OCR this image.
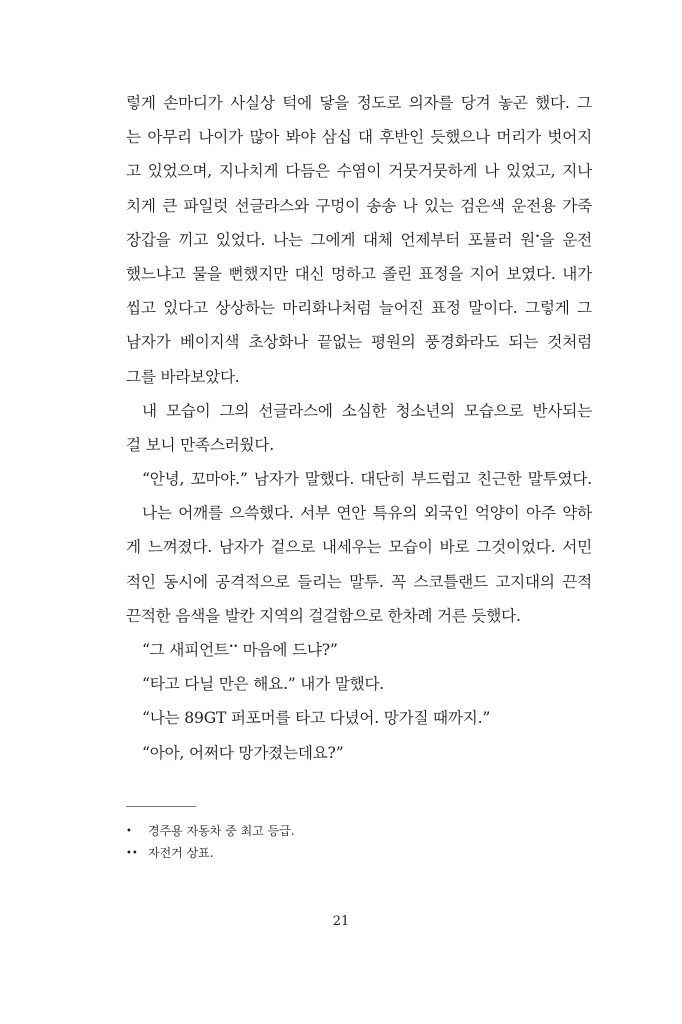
렇게 손마디가 사실상 턱에 닿을 정도로 의자를 당겨 놓곤 했다. 그
는 아무리 나이가 많아 봐야 삼십 대 후반인 듯했으나 머리가 벗어지
고 있었으며, 지나치게 다듬은 수염이 거뭇거뭇하게 나 있었고, 지나
치게 큰 파일럿 선글라스와 구멍이 송송 나 있는 검은색 운전용 가죽
장갑을 끼고 있었다. 나는 그에게 대체 언제부터 포뮬러 원•을 운전
했느냐고 물을 뻔했지만 대신 멍하고 졸린 표정을 지어 보였다. 내가
씹고 있다고 상상하는 마리화나처럼 늘어진 표정 말이다. 그렇게 그
남자가 베이지색 초상화나 끝없는 평원의 풍경화라도 되는 것처럼
그를 바라보았다.
내 모습이 그의 선글라스에 소심한 청소년의 모습으로 반사되는
걸 보니 만족스러웠다.
“안녕, 꼬마야.” 남자가 말했다. 대단히 부드럽고 친근한 말투였다.
나는 어깨를 으쓱했다. 서부 연안 특유의 외국인 억양이 아주 약하
게 느껴졌다. 남자가 겉으로 내세우는 모습이 바로 그것이었다. 서민
적인 동시에 공격적으로 들리는 말투. 꼭 스코틀랜드 고지대의 끈적
끈적한 음색을 발칸 지역의 걸걸함으로 한차례 거른 듯했다.
“그 새피언트•• 마음에 드냐?”
“타고 다닐 만은 해요.” 내가 말했다.
“나는 89GT 퍼포머를 타고 다녔어. 망가질 때까지.”
“아아, 어쩌다 망가졌는데요?”
• 경주용 자동차 중 최고 등급.
•• 자전거 상표.
21
